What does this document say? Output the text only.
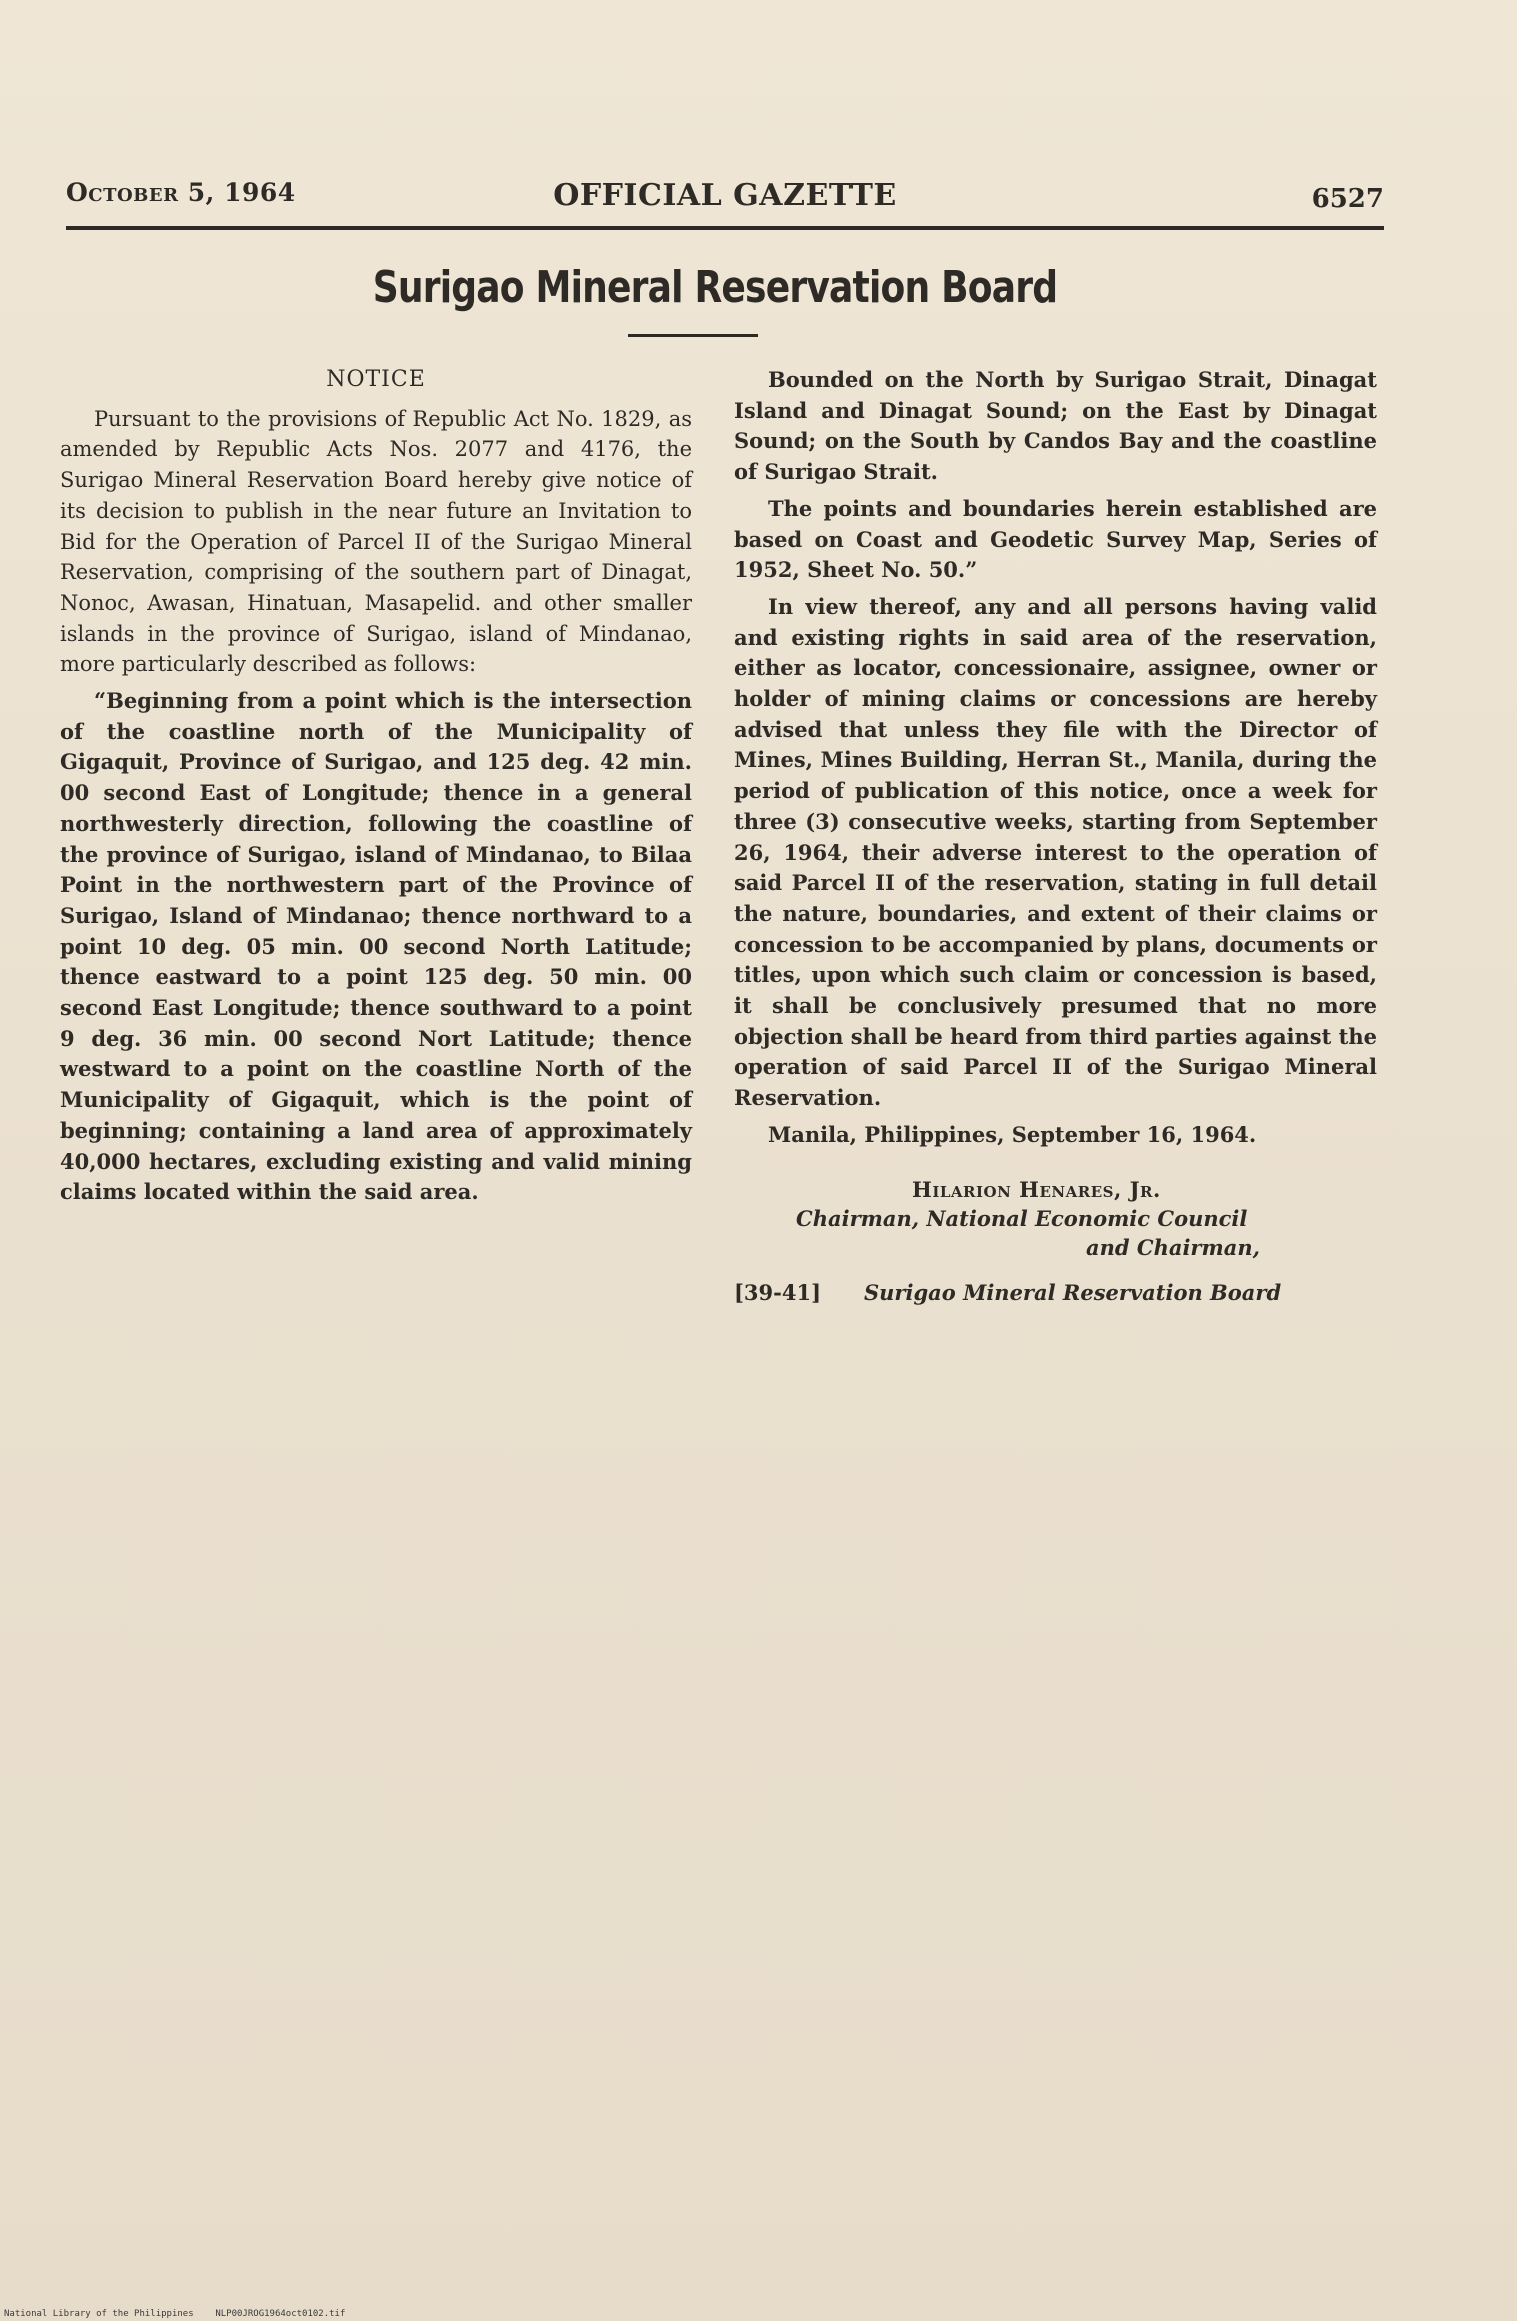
October 5, 1964	OFFICIAL GAZETTE	6527
Surigao Mineral Reservation Board
NOTICE

Pursuant to the provisions of Republic Act No. 1829, as amended by Republic Acts Nos. 2077 and 4176, the Surigao Mineral Reservation Board hereby give notice of its decision to publish in the near future an Invitation to Bid for the Operation of Parcel II of the Surigao Mineral Reservation, comprising of the southern part of Dinagat, Nonoc, Awasan, Hinatuan, Masapelid. and other smaller islands in the province of Surigao, island of Mindanao, more particularly described as follows:

“Beginning from a point which is the intersection of the coastline north of the Municipality of Gigaquit, Province of Surigao, and 125 deg. 42 min. 00 second East of Longitude; thence in a general northwesterly direction, following the coastline of the province of Surigao, island of Mindanao, to Bilaa Point in the northwestern part of the Province of Surigao, Island of Mindanao; thence northward to a point 10 deg. 05 min. 00 second North Latitude; thence eastward to a point 125 deg. 50 min. 00 second East Longitude; thence southward to a point 9 deg. 36 min. 00 second Nort Latitude; thence westward to a point on the coastline North of the Municipality of Gigaquit, which is the point of beginning; containing a land area of approximately 40,000 hectares, excluding existing and valid mining claims located within the said area.

Bounded on the North by Surigao Strait, Dinagat Island and Dinagat Sound; on the East by Dinagat Sound; on the South by Candos Bay and the coastline of Surigao Strait.

The points and boundaries herein established are based on Coast and Geodetic Survey Map, Series of 1952, Sheet No. 50.”

In view thereof, any and all persons having valid and existing rights in said area of the reservation, either as locator, concessionaire, assignee, owner or holder of mining claims or concessions are hereby advised that unless they file with the Director of Mines, Mines Building, Herran St., Manila, during the period of publication of this notice, once a week for three (3) consecutive weeks, starting from September 26, 1964, their adverse interest to the operation of said Parcel II of the reservation, stating in full detail the nature, boundaries, and extent of their claims or concession to be accompanied by plans, documents or titles, upon which such claim or concession is based, it shall be conclusively presumed that no more objection shall be heard from third parties against the operation of said Parcel II of the Surigao Mineral Reservation.

Manila, Philippines, September 16, 1964.

Hilarion Henares, Jr.
Chairman, National Economic Council
and Chairman,
[39-41] Surigao Mineral Reservation Board
National Library of the Philippines NLP00JROG1964oct0102.tif
